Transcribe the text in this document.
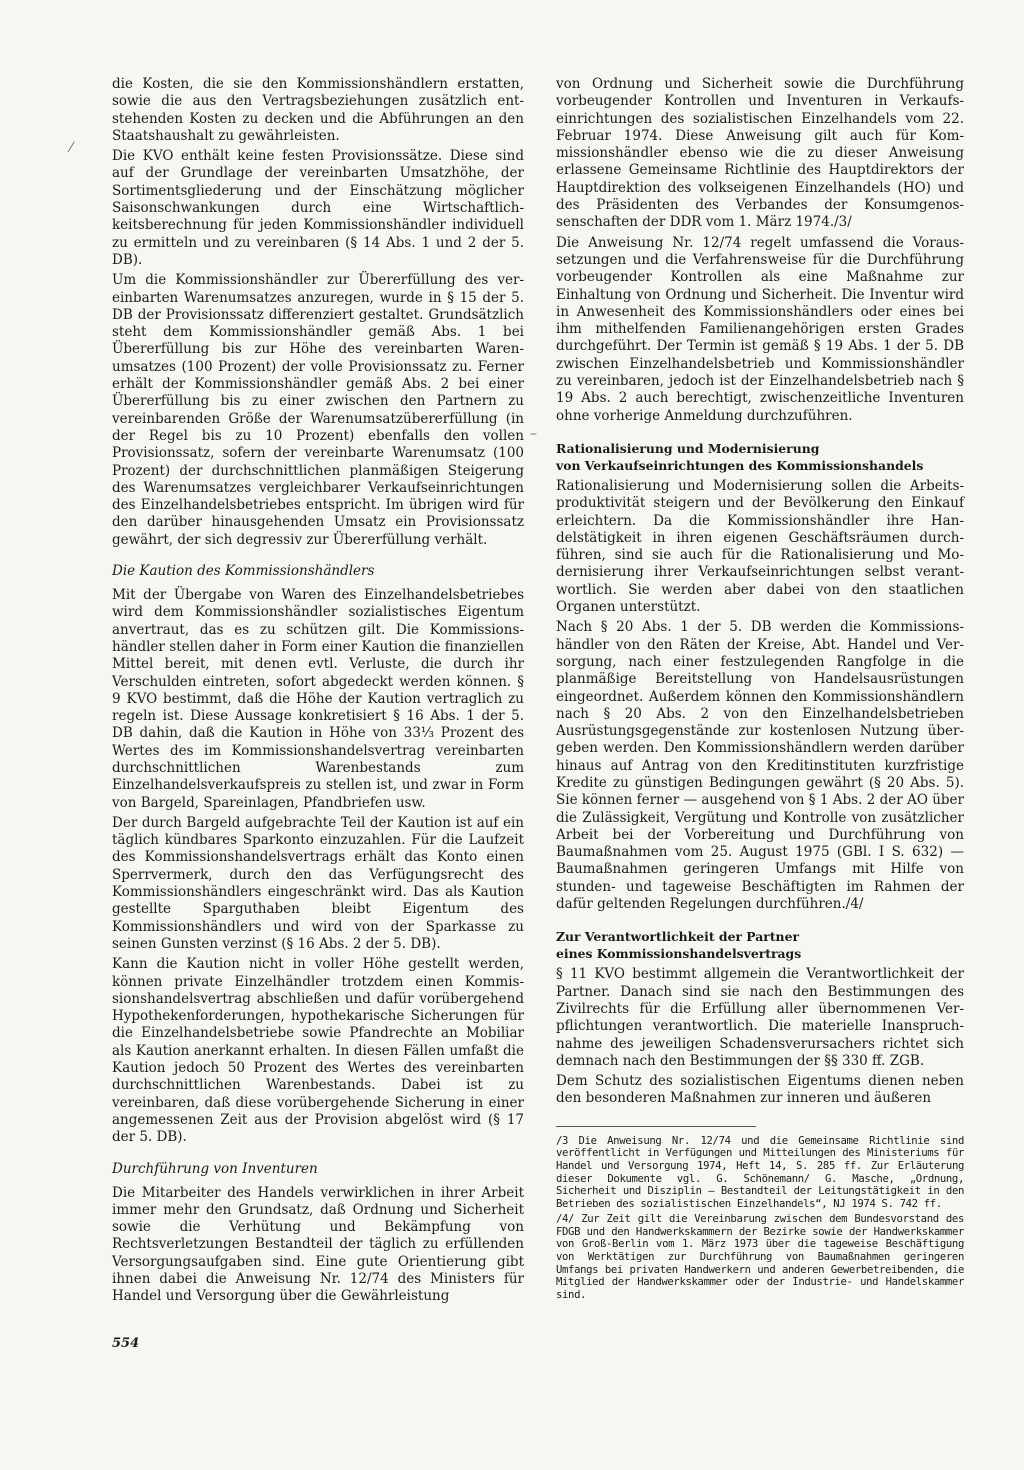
die Kosten, die sie den Kommissionshändlern erstatten, sowie die aus den Vertragsbeziehungen zusätzlich entstehenden Kosten zu decken und die Abführungen an den Staatshaushalt zu gewährleisten.

Die KVO enthält keine festen Provisionssätze. Diese sind auf der Grundlage der vereinbarten Umsatzhöhe, der Sortimentsgliederung und der Einschätzung möglicher Saisonschwankungen durch eine Wirtschaftlichkeitsberechnung für jeden Kommissionshändler individuell zu ermitteln und zu vereinbaren (§ 14 Abs. 1 und 2 der 5. DB).

Um die Kommissionshändler zur Übererfüllung des vereinbarten Warenumsatzes anzuregen, wurde in § 15 der 5. DB der Provisionssatz differenziert gestaltet. Grundsätzlich steht dem Kommissionshändler gemäß Abs. 1 bei Übererfüllung bis zur Höhe des vereinbarten Warenumsatzes (100 Prozent) der volle Provisionssatz zu. Ferner erhält der Kommissionshändler gemäß Abs. 2 bei einer Übererfüllung bis zu einer zwischen den Partnern zu vereinbarenden Größe der Warenumsatzübererfüllung (in der Regel bis zu 10 Prozent) ebenfalls den vollen Provisionssatz, sofern der vereinbarte Warenumsatz (100 Prozent) der durchschnittlichen planmäßigen Steigerung des Warenumsatzes vergleichbarer Verkaufseinrichtungen des Einzelhandelsbetriebes entspricht. Im übrigen wird für den darüber hinausgehenden Umsatz ein Provisionssatz gewährt, der sich degressiv zur Übererfüllung verhält.

Die Kaution des Kommissionshändlers

Mit der Übergabe von Waren des Einzelhandelsbetriebes wird dem Kommissionshändler sozialistisches Eigentum anvertraut, das es zu schützen gilt. Die Kommissionshändler stellen daher in Form einer Kaution die finanziellen Mittel bereit, mit denen evtl. Verluste, die durch ihr Verschulden eintreten, sofort abgedeckt werden können. § 9 KVO bestimmt, daß die Höhe der Kaution vertraglich zu regeln ist. Diese Aussage konkretisiert § 16 Abs. 1 der 5. DB dahin, daß die Kaution in Höhe von 33⅓ Prozent des Wertes des im Kommissionshandelsvertrag vereinbarten durchschnittlichen Warenbestands zum Einzelhandelsverkaufspreis zu stellen ist, und zwar in Form von Bargeld, Spareinlagen, Pfandbriefen usw.

Der durch Bargeld aufgebrachte Teil der Kaution ist auf ein täglich kündbares Sparkonto einzuzahlen. Für die Laufzeit des Kommissionshandelsvertrags erhält das Konto einen Sperrvermerk, durch den das Verfügungsrecht des Kommissionshändlers eingeschränkt wird. Das als Kaution gestellte Sparguthaben bleibt Eigentum des Kommissionshändlers und wird von der Sparkasse zu seinen Gunsten verzinst (§ 16 Abs. 2 der 5. DB).

Kann die Kaution nicht in voller Höhe gestellt werden, können private Einzelhändler trotzdem einen Kommissionshandelsvertrag abschließen und dafür vorübergehend Hypothekenforderungen, hypothekarische Sicherungen für die Einzelhandelsbetriebe sowie Pfandrechte an Mobiliar als Kaution anerkannt erhalten. In diesen Fällen umfaßt die Kaution jedoch 50 Prozent des Wertes des vereinbarten durchschnittlichen Warenbestands. Dabei ist zu vereinbaren, daß diese vorübergehende Sicherung in einer angemessenen Zeit aus der Provision abgelöst wird (§ 17 der 5. DB).

Durchführung von Inventuren

Die Mitarbeiter des Handels verwirklichen in ihrer Arbeit immer mehr den Grundsatz, daß Ordnung und Sicherheit sowie die Verhütung und Bekämpfung von Rechtsverletzungen Bestandteil der täglich zu erfüllenden Versorgungsaufgaben sind. Eine gute Orientierung gibt ihnen dabei die Anweisung Nr. 12/74 des Ministers für Handel und Versorgung über die Gewährleistung

von Ordnung und Sicherheit sowie die Durchführung vorbeugender Kontrollen und Inventuren in Verkaufseinrichtungen des sozialistischen Einzelhandels vom 22. Februar 1974. Diese Anweisung gilt auch für Kommissionshändler ebenso wie die zu dieser Anweisung erlassene Gemeinsame Richtlinie des Hauptdirektors der Hauptdirektion des volkseigenen Einzelhandels (HO) und des Präsidenten des Verbandes der Konsumgenossenschaften der DDR vom 1. März 1974./3/

Die Anweisung Nr. 12/74 regelt umfassend die Voraussetzungen und die Verfahrensweise für die Durchführung vorbeugender Kontrollen als eine Maßnahme zur Einhaltung von Ordnung und Sicherheit. Die Inventur wird in Anwesenheit des Kommissionshändlers oder eines bei ihm mithelfenden Familienangehörigen ersten Grades durchgeführt. Der Termin ist gemäß § 19 Abs. 1 der 5. DB zwischen Einzelhandelsbetrieb und Kommissionshändler zu vereinbaren, jedoch ist der Einzelhandelsbetrieb nach § 19 Abs. 2 auch berechtigt, zwischenzeitliche Inventuren ohne vorherige Anmeldung durchzuführen.

Rationalisierung und Modernisierung
von Verkaufseinrichtungen des Kommissionshandels

Rationalisierung und Modernisierung sollen die Arbeitsproduktivität steigern und der Bevölkerung den Einkauf erleichtern. Da die Kommissionshändler ihre Handelstätigkeit in ihren eigenen Geschäftsräumen durchführen, sind sie auch für die Rationalisierung und Modernisierung ihrer Verkaufseinrichtungen selbst verantwortlich. Sie werden aber dabei von den staatlichen Organen unterstützt.

Nach § 20 Abs. 1 der 5. DB werden die Kommissionshändler von den Räten der Kreise, Abt. Handel und Versorgung, nach einer festzulegenden Rangfolge in die planmäßige Bereitstellung von Handelsausrüstungen eingeordnet. Außerdem können den Kommissionshändlern nach § 20 Abs. 2 von den Einzelhandelsbetrieben Ausrüstungsgegenstände zur kostenlosen Nutzung übergeben werden. Den Kommissionshändlern werden darüber hinaus auf Antrag von den Kreditinstituten kurzfristige Kredite zu günstigen Bedingungen gewährt (§ 20 Abs. 5). Sie können ferner — ausgehend von § 1 Abs. 2 der AO über die Zulässigkeit, Vergütung und Kontrolle von zusätzlicher Arbeit bei der Vorbereitung und Durchführung von Baumaßnahmen vom 25. August 1975 (GBl. I S. 632) — Baumaßnahmen geringeren Umfangs mit Hilfe von stunden- und tageweise Beschäftigten im Rahmen der dafür geltenden Regelungen durchführen./4/

Zur Verantwortlichkeit der Partner
eines Kommissionshandelsvertrags

§ 11 KVO bestimmt allgemein die Verantwortlichkeit der Partner. Danach sind sie nach den Bestimmungen des Zivilrechts für die Erfüllung aller übernommenen Verpflichtungen verantwortlich. Die materielle Inanspruchnahme des jeweiligen Schadensverursachers richtet sich demnach nach den Bestimmungen der §§ 330 ff. ZGB.

Dem Schutz des sozialistischen Eigentums dienen neben den besonderen Maßnahmen zur inneren und äußeren

/3 Die Anweisung Nr. 12/74 und die Gemeinsame Richtlinie sind veröffentlicht in Verfügungen und Mitteilungen des Ministeriums für Handel und Versorgung 1974, Heft 14, S. 285 ff. Zur Erläuterung dieser Dokumente vgl. G. Schönemann/ G. Masche, „Ordnung, Sicherheit und Disziplin — Bestandteil der Leitungstätigkeit in den Betrieben des sozialistischen Einzelhandels“, NJ 1974 S. 742 ff.

/4/ Zur Zeit gilt die Vereinbarung zwischen dem Bundesvorstand des FDGB und den Handwerkskammern der Bezirke sowie der Handwerkskammer von Groß-Berlin vom 1. März 1973 über die tageweise Beschäftigung von Werktätigen zur Durchführung von Baumaßnahmen geringeren Umfangs bei privaten Handwerkern und anderen Gewerbetreibenden, die Mitglied der Handwerkskammer oder der Industrie- und Handelskammer sind.

⁄
–
554
